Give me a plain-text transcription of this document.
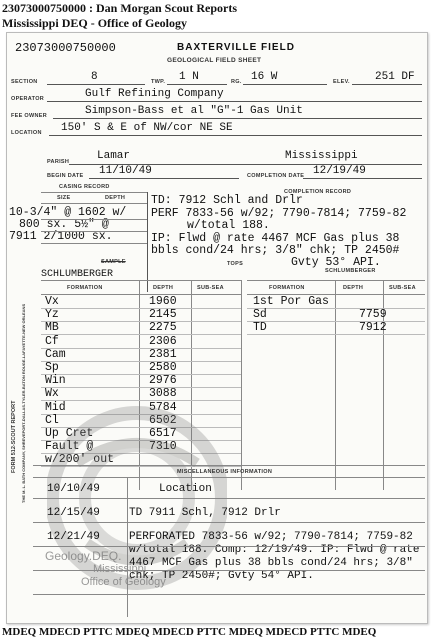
23073000750000 : Dan Morgan Scout Reports
Mississippi DEQ - Office of Geology
23073000750000	BAXTERVILLE FIELD
GEOLOGICAL FIELD SHEET
SECTION	8	TWP. 1 N	RG. 16 W	ELEV. 251 DF
OPERATOR	Gulf Refining Company
FEE OWNER	Simpson-Bass et al "G"-1 Gas Unit
LOCATION 150' S & E of NW/cor NE SE
PARISH	Lamar	Mississippi
BEGIN DATE 11/10/49	COMPLETION DATE 12/19/49
CASING RECORD
COMPLETION RECORD
SIZE	DEPTH
10-3/4" @ 1602 w/
800 sx. 5½" @
7911 2/1000 sx.
TD: 7912 Schl and Drlr
PERF 7833-56 w/92; 7790-7814; 7759-82
w/total 188.
IP: Flwd @ rate 4467 MCF Gas plus 38
bbls cond/24 hrs; 3/8" chk; TP 2450#
Gvty 53° API.
SAMPLE	TOPS
SCHLUMBERGER
SCHLUMBERGER
FORMATION	DEPTH	SUB-SEA
Vx	1960
Yz	2145
MB	2275
Cf	2306
Cam	2381
Sp	2580
Win	2976
Wx	3088
Mid	5784
Cl	6502
Up Cret	6517
Fault @	7310
w/200' out
FORMATION	DEPTH	SUB-SEA
1st Por Gas
Sd	7759
TD	7912
FORM 512-SCOUT REPORT THE M. L. BATH COMPANY, SHREVEPORT-DALLAS-TYLER-BATON ROUGE-LAFAYETTE-NEW ORLEANS
Geology.DEQ.
Mississippi
Office of Geology
MISCELLANEOUS INFORMATION
10/10/49	Location
12/15/49	TD 7911 Schl, 7912 Drlr
12/21/49	PERFORATED 7833-56 w/92; 7790-7814; 7759-82 w/total 188. Comp: 12/19/49. IP: Flwd @ rate 4467 MCF Gas plus 38 bbls cond/24 hrs; 3/8" chk; TP 2450#; Gvty 54° API.
MDEQ MDECD PTTC MDEQ MDECD PTTC MDEQ MDECD PTTC MDEQ
